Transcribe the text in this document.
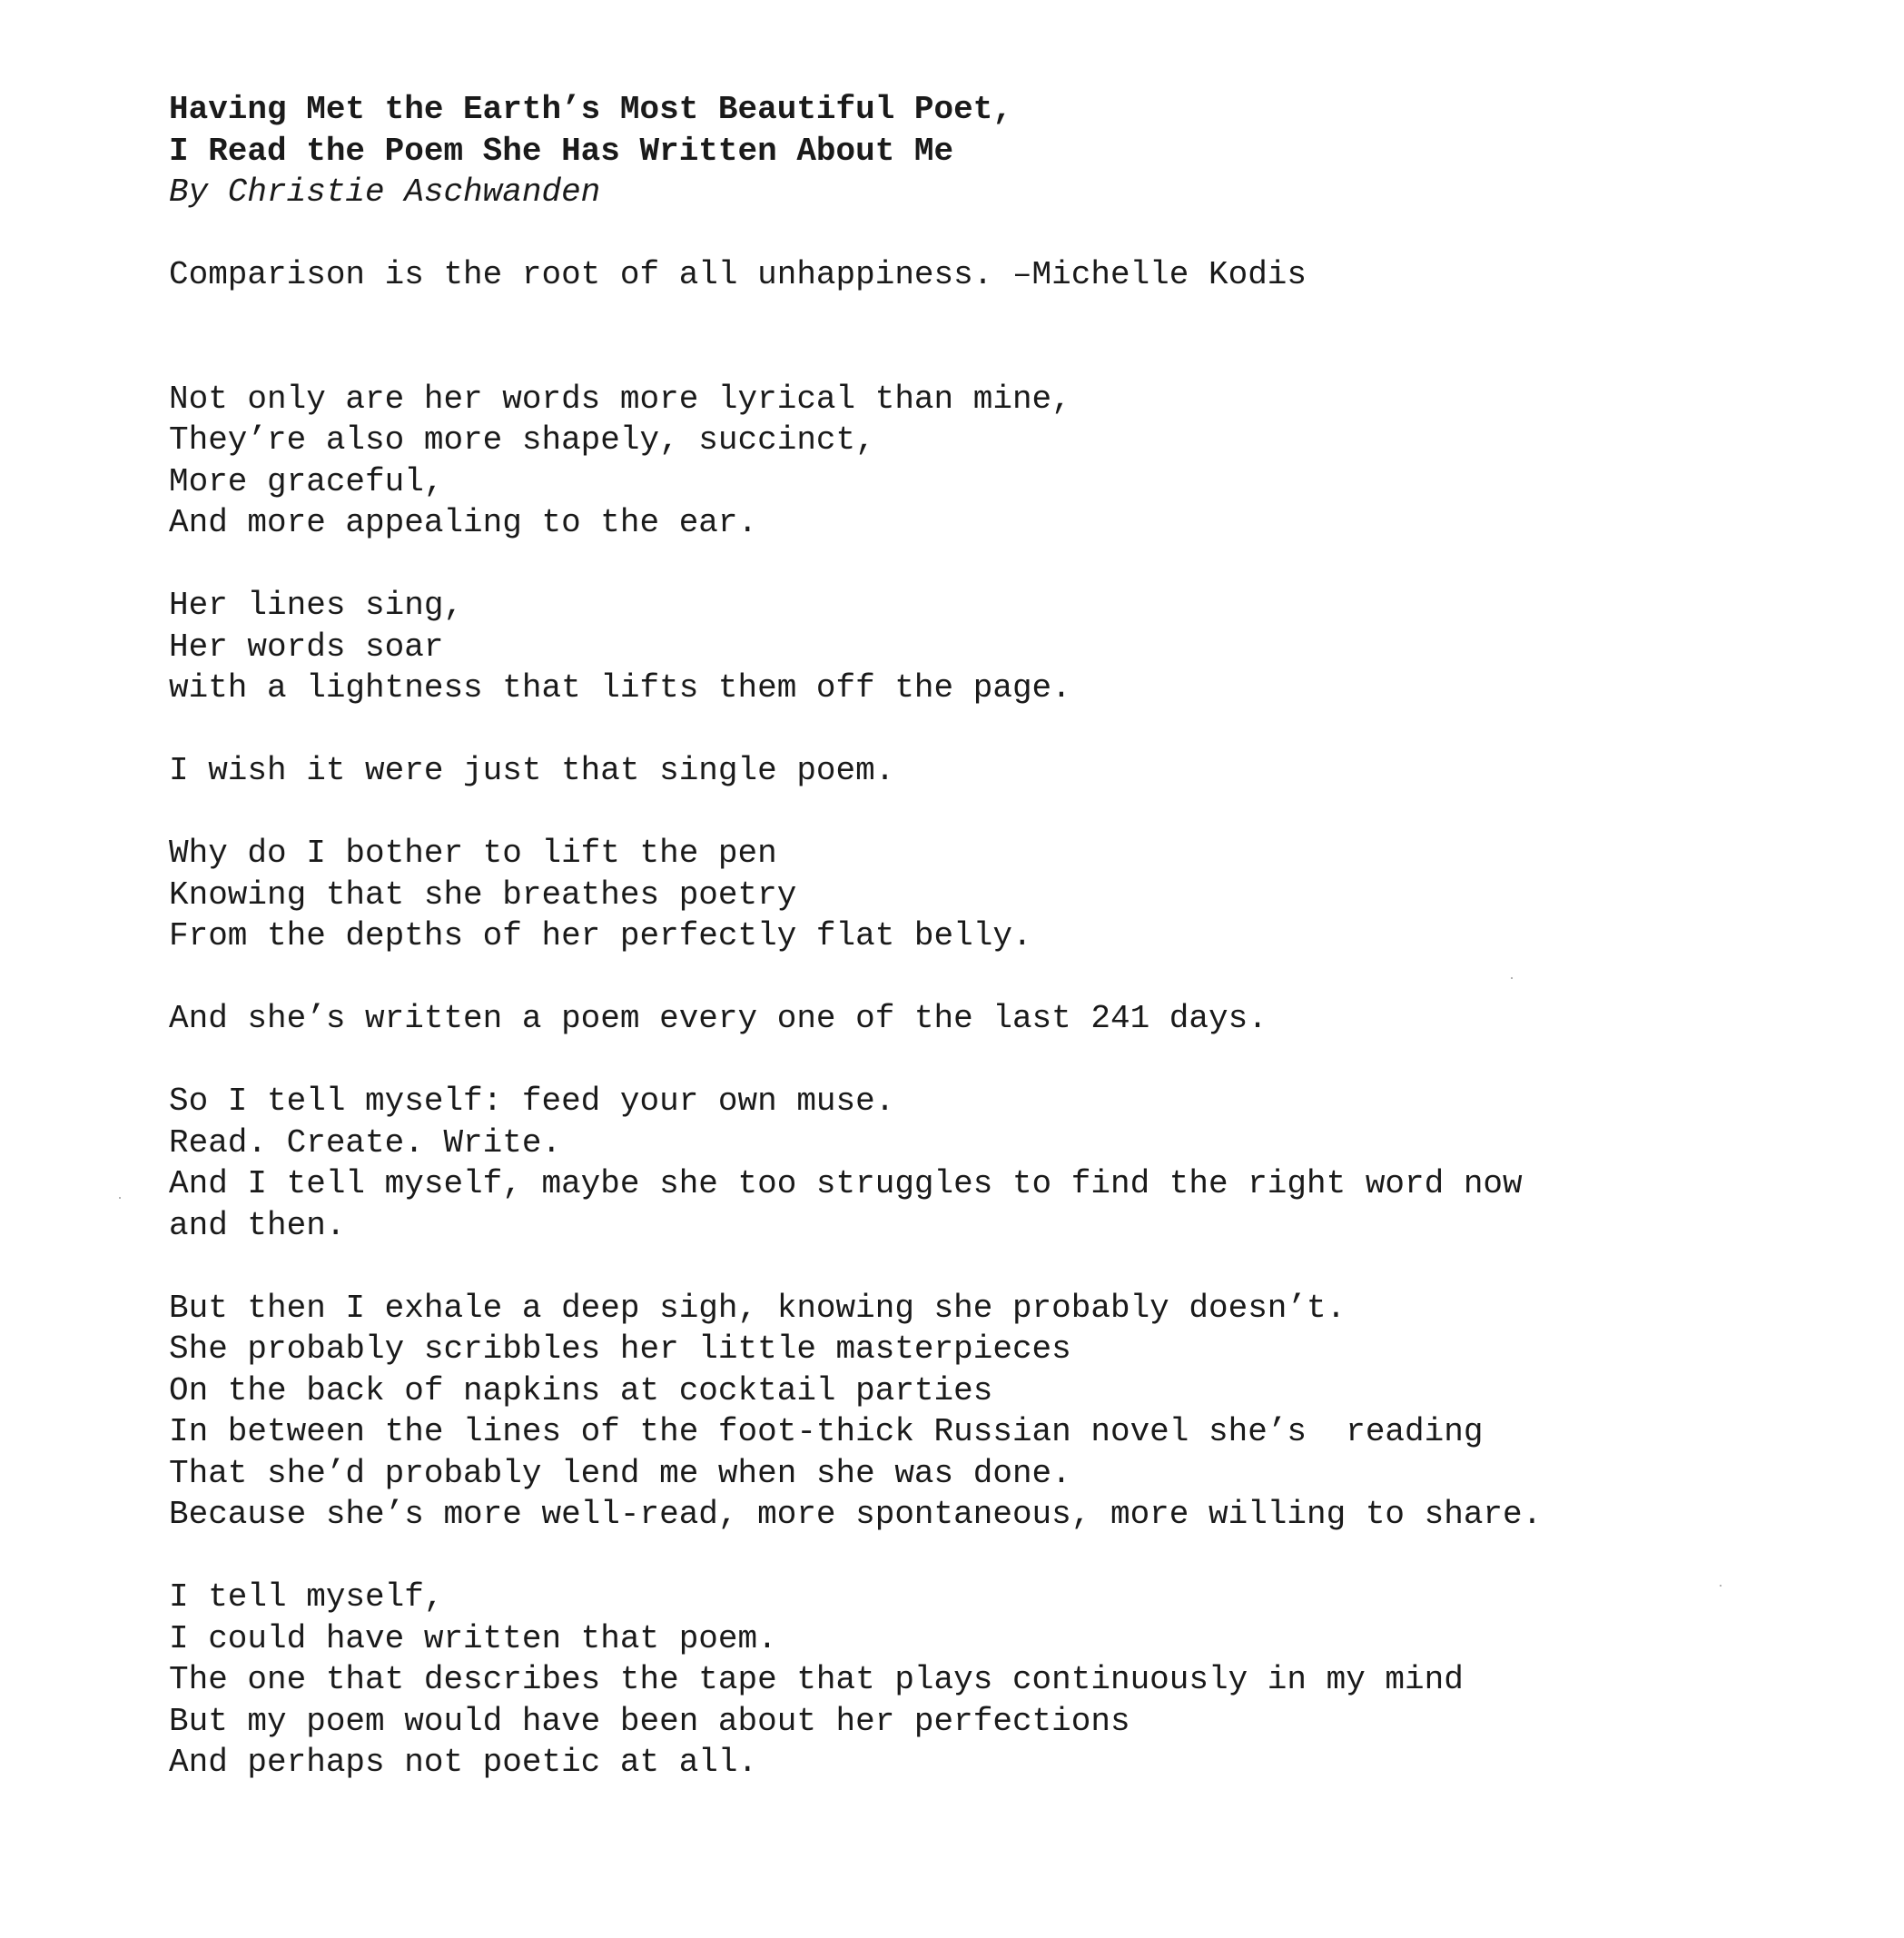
Having Met the Earth’s Most Beautiful Poet,
I Read the Poem She Has Written About Me
By Christie Aschwanden
Comparison is the root of all unhappiness. –Michelle Kodis
Not only are her words more lyrical than mine,
They’re also more shapely, succinct,
More graceful,
And more appealing to the ear.
Her lines sing,
Her words soar
with a lightness that lifts them off the page.
I wish it were just that single poem.
Why do I bother to lift the pen
Knowing that she breathes poetry
From the depths of her perfectly flat belly.
And she’s written a poem every one of the last 241 days.
So I tell myself: feed your own muse.
Read. Create. Write.
And I tell myself, maybe she too struggles to find the right word now
and then.
But then I exhale a deep sigh, knowing she probably doesn’t.
She probably scribbles her little masterpieces
On the back of napkins at cocktail parties
In between the lines of the foot-thick Russian novel she’s  reading
That she’d probably lend me when she was done.
Because she’s more well-read, more spontaneous, more willing to share.
I tell myself,
I could have written that poem.
The one that describes the tape that plays continuously in my mind
But my poem would have been about her perfections
And perhaps not poetic at all.
